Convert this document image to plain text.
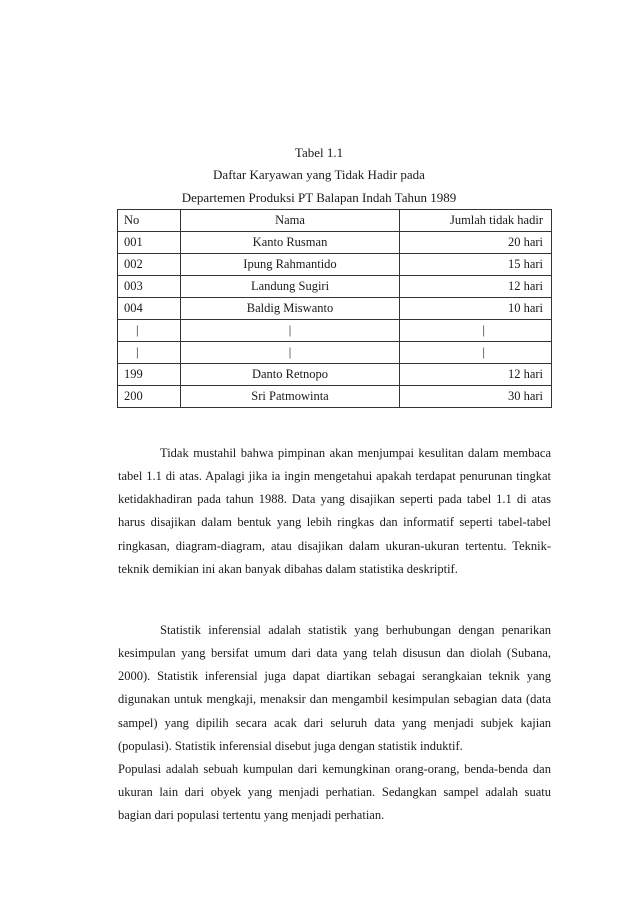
Tabel 1.1
Daftar Karyawan yang Tidak Hadir pada
Departemen Produksi PT Balapan Indah Tahun 1989
No	Nama	Jumlah tidak hadir
001	Kanto Rusman	20 hari
002	Ipung Rahmantido	15 hari
003	Landung Sugiri	12 hari
004	Baldig Miswanto	10 hari
|	|	|
|	|	|
199	Danto Retnopo	12 hari
200	Sri Patmowinta	30 hari

Tidak mustahil bahwa pimpinan akan menjumpai kesulitan dalam membaca tabel 1.1 di atas. Apalagi jika ia ingin mengetahui apakah terdapat penurunan tingkat ketidakhadiran pada tahun 1988. Data yang disajikan seperti pada tabel 1.1 di atas harus disajikan dalam bentuk yang lebih ringkas dan informatif seperti tabel-tabel ringkasan, diagram-diagram, atau disajikan dalam ukuran-ukuran tertentu. Teknik-teknik demikian ini akan banyak dibahas dalam statistika deskriptif.

Statistik inferensial adalah statistik yang berhubungan dengan penarikan kesimpulan yang bersifat umum dari data yang telah disusun dan diolah (Subana, 2000). Statistik inferensial juga dapat diartikan sebagai serangkaian teknik yang digunakan untuk mengkaji, menaksir dan mengambil kesimpulan sebagian data (data sampel) yang dipilih secara acak dari seluruh data yang menjadi subjek kajian (populasi). Statistik inferensial disebut juga dengan statistik induktif.

Populasi adalah sebuah kumpulan dari kemungkinan orang-orang, benda-benda dan ukuran lain dari obyek yang menjadi perhatian. Sedangkan sampel adalah suatu bagian dari populasi tertentu yang menjadi perhatian.
